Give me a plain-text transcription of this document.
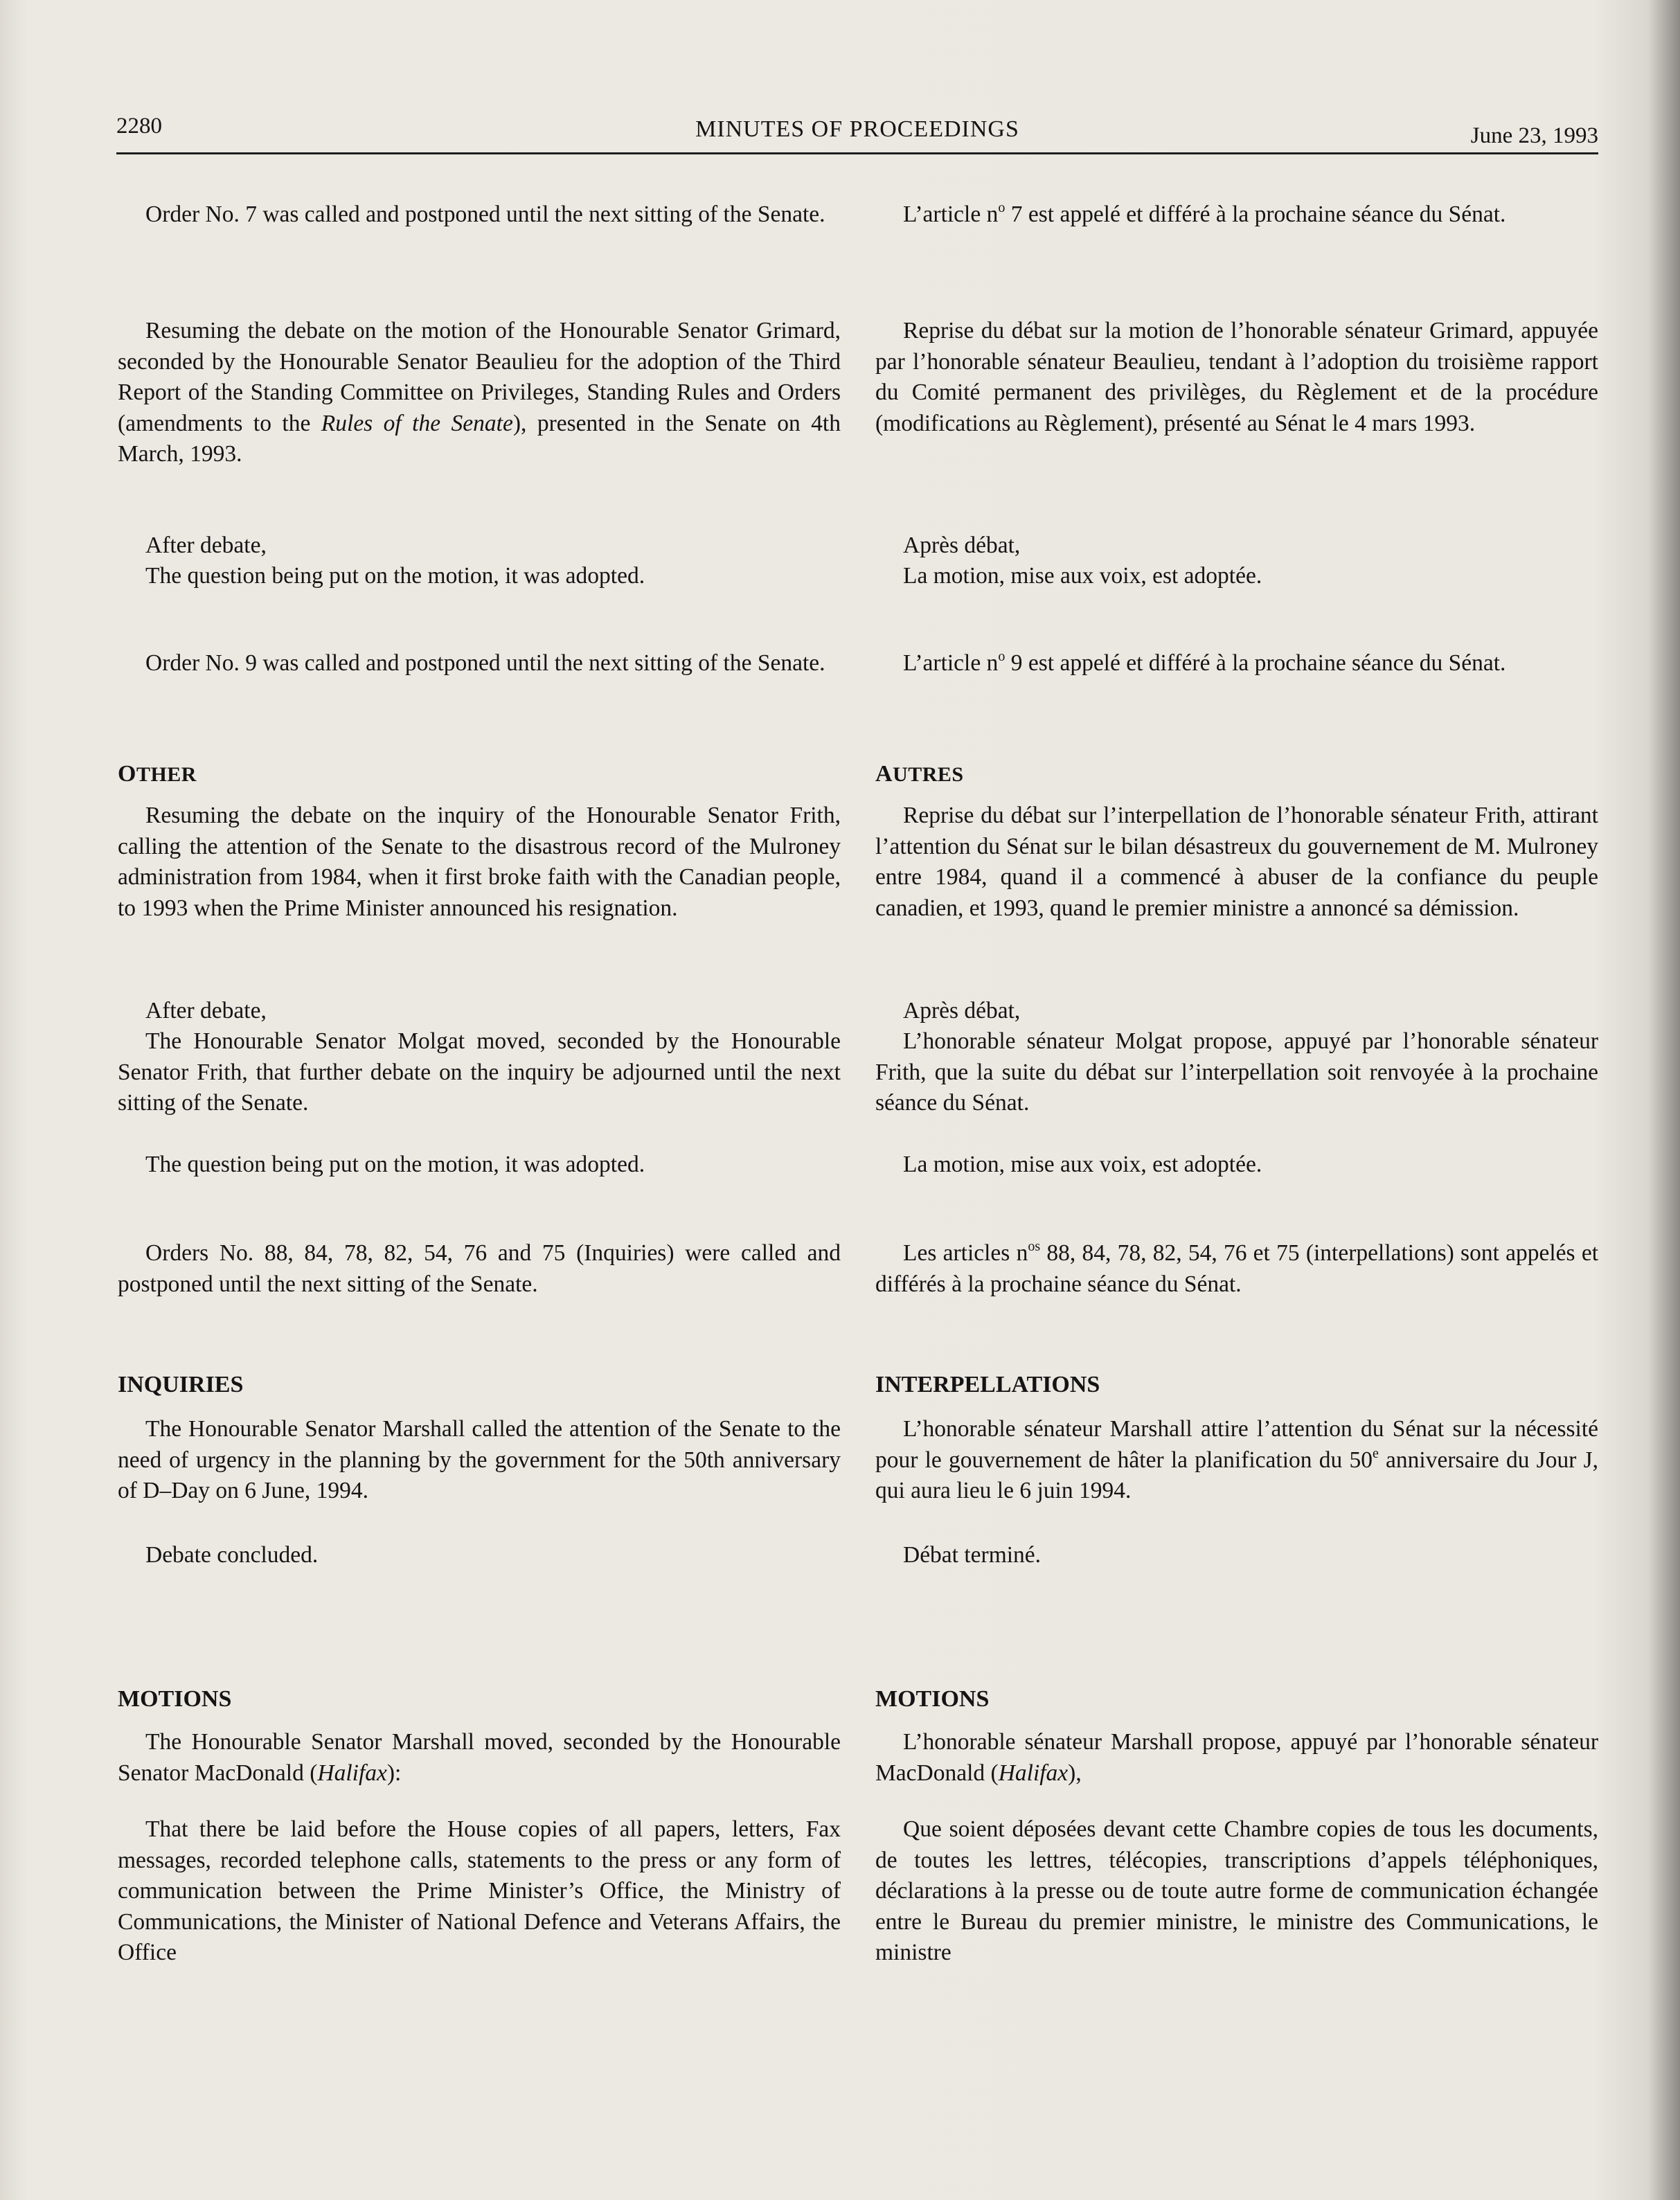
2280	MINUTES OF PROCEEDINGS	June 23, 1993

Order No. 7 was called and postponed until the next sitting of the Senate.

Resuming the debate on the motion of the Honourable Senator Grimard, seconded by the Honourable Senator Beaulieu for the adoption of the Third Report of the Standing Committee on Privileges, Standing Rules and Orders (amendments to the Rules of the Senate), presented in the Senate on 4th March, 1993.

After debate,

The question being put on the motion, it was adopted.

Order No. 9 was called and postponed until the next sitting of the Senate.

OTHER

Resuming the debate on the inquiry of the Honourable Senator Frith, calling the attention of the Senate to the disastrous record of the Mulroney administration from 1984, when it first broke faith with the Canadian people, to 1993 when the Prime Minister announced his resignation.

After debate,

The Honourable Senator Molgat moved, seconded by the Honourable Senator Frith, that further debate on the inquiry be adjourned until the next sitting of the Senate.

The question being put on the motion, it was adopted.

Orders No. 88, 84, 78, 82, 54, 76 and 75 (Inquiries) were called and postponed until the next sitting of the Senate.

INQUIRIES

The Honourable Senator Marshall called the attention of the Senate to the need of urgency in the planning by the government for the 50th anniversary of D–Day on 6 June, 1994.

Debate concluded.

MOTIONS

The Honourable Senator Marshall moved, seconded by the Honourable Senator MacDonald (Halifax):

That there be laid before the House copies of all papers, letters, Fax messages, recorded telephone calls, statements to the press or any form of communication between the Prime Minister’s Office, the Ministry of Communications, the Minister of National Defence and Veterans Affairs, the Office

L’article $n^o$ 7 est appelé et différé à la prochaine séance du Sénat.

Reprise du débat sur la motion de l’honorable sénateur Grimard, appuyée par l’honorable sénateur Beaulieu, tendant à l’adoption du troisième rapport du Comité permanent des privilèges, du Règlement et de la procédure (modifications au Règlement), présenté au Sénat le 4 mars 1993.

Après débat,

La motion, mise aux voix, est adoptée.

L’article $n^o$ 9 est appelé et différé à la prochaine séance du Sénat.

AUTRES

Reprise du débat sur l’interpellation de l’honorable sénateur Frith, attirant l’attention du Sénat sur le bilan désastreux du gouvernement de M. Mulroney entre 1984, quand il a commencé à abuser de la confiance du peuple canadien, et 1993, quand le premier ministre a annoncé sa démission.

Après débat,

L’honorable sénateur Molgat propose, appuyé par l’honorable sénateur Frith, que la suite du débat sur l’interpellation soit renvoyée à la prochaine séance du Sénat.

La motion, mise aux voix, est adoptée.

Les articles $n^{os}$ 88, 84, 78, 82, 54, 76 et 75 (interpellations) sont appelés et différés à la prochaine séance du Sénat.

INTERPELLATIONS

L’honorable sénateur Marshall attire l’attention du Sénat sur la nécessité pour le gouvernement de hâter la planification du 50e anniversaire du Jour J, qui aura lieu le 6 juin 1994.

Débat terminé.

MOTIONS

L’honorable sénateur Marshall propose, appuyé par l’honorable sénateur MacDonald (Halifax),

Que soient déposées devant cette Chambre copies de tous les documents, de toutes les lettres, télécopies, transcriptions d’appels téléphoniques, déclarations à la presse ou de toute autre forme de communication échangée entre le Bureau du premier ministre, le ministre des Communications, le ministre
